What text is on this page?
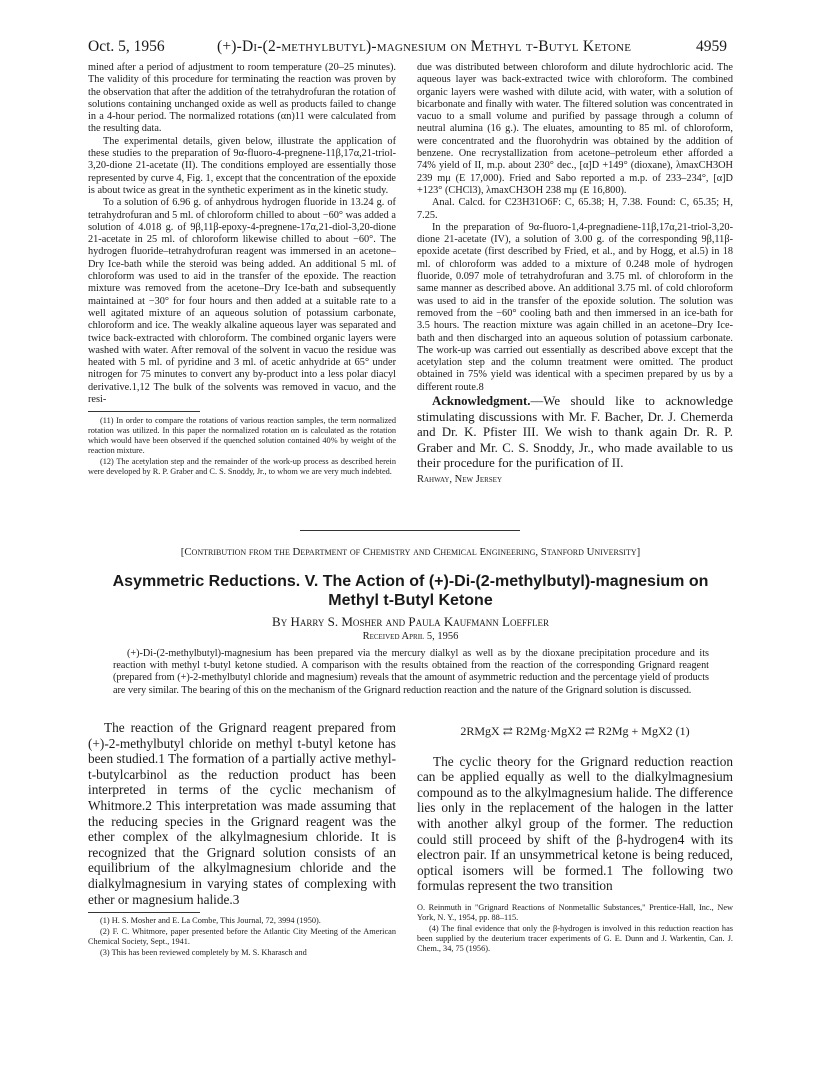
Oct. 5, 1956	(+)-Di-(2-methylbutyl)-magnesium on Methyl t-Butyl Ketone	4959

mined after a period of adjustment to room temperature (20–25 minutes). The validity of this procedure for terminating the reaction was proven by the observation that after the addition of the tetrahydrofuran the rotation of solutions containing unchanged oxide as well as products failed to change in a 4-hour period. The normalized rotations (αn)11 were calculated from the resulting data.

The experimental details, given below, illustrate the application of these studies to the preparation of 9α-fluoro-4-pregnene-11β,17α,21-triol-3,20-dione 21-acetate (II). The conditions employed are essentially those represented by curve 4, Fig. 1, except that the concentration of the epoxide is about twice as great in the synthetic experiment as in the kinetic study.

To a solution of 6.96 g. of anhydrous hydrogen fluoride in 13.24 g. of tetrahydrofuran and 5 ml. of chloroform chilled to about −60° was added a solution of 4.018 g. of 9β,11β-epoxy-4-pregnene-17α,21-diol-3,20-dione 21-acetate in 25 ml. of chloroform likewise chilled to about −60°. The hydrogen fluoride–tetrahydrofuran reagent was immersed in an acetone–Dry Ice-bath while the steroid was being added. An additional 5 ml. of chloroform was used to aid in the transfer of the epoxide. The reaction mixture was removed from the acetone–Dry Ice-bath and subsequently maintained at −30° for four hours and then added at a suitable rate to a well agitated mixture of an aqueous solution of potassium carbonate, chloroform and ice. The weakly alkaline aqueous layer was separated and twice back-extracted with chloroform. The combined organic layers were washed with water. After removal of the solvent in vacuo the residue was heated with 5 ml. of pyridine and 3 ml. of acetic anhydride at 65° under nitrogen for 75 minutes to convert any by-product into a less polar diacyl derivative.1,12 The bulk of the solvents was removed in vacuo, and the resi-

(11) In order to compare the rotations of various reaction samples, the term normalized rotation was utilized. In this paper the normalized rotation αn is calculated as the rotation which would have been observed if the quenched solution contained 40% by weight of the reaction mixture.

(12) The acetylation step and the remainder of the work-up process as described herein were developed by R. P. Graber and C. S. Snoddy, Jr., to whom we are very much indebted.

due was distributed between chloroform and dilute hydrochloric acid. The aqueous layer was back-extracted twice with chloroform. The combined organic layers were washed with dilute acid, with water, with a solution of bicarbonate and finally with water. The filtered solution was concentrated in vacuo to a small volume and purified by passage through a column of neutral alumina (16 g.). The eluates, amounting to 85 ml. of chloroform, were concentrated and the fluorohydrin was obtained by the addition of benzene. One recrystallization from acetone–petroleum ether afforded a 74% yield of II, m.p. about 230° dec., [α]D +149° (dioxane), λmaxCH3OH 239 mμ (E 17,000). Fried and Sabo reported a m.p. of 233–234°, [α]D +123° (CHCl3), λmaxCH3OH 238 mμ (E 16,800).

Anal. Calcd. for C23H31O6F: C, 65.38; H, 7.38. Found: C, 65.35; H, 7.25.

In the preparation of 9α-fluoro-1,4-pregnadiene-11β,17α,21-triol-3,20-dione 21-acetate (IV), a solution of 3.00 g. of the corresponding 9β,11β-epoxide acetate (first described by Fried, et al., and by Hogg, et al.5) in 18 ml. of chloroform was added to a mixture of 0.248 mole of hydrogen fluoride, 0.097 mole of tetrahydrofuran and 3.75 ml. of chloroform in the same manner as described above. An additional 3.75 ml. of cold chloroform was used to aid in the transfer of the epoxide solution. The solution was removed from the −60° cooling bath and then immersed in an ice-bath for 3.5 hours. The reaction mixture was again chilled in an acetone–Dry Ice-bath and then discharged into an aqueous solution of potassium carbonate. The work-up was carried out essentially as described above except that the acetylation step and the column treatment were omitted. The product obtained in 75% yield was identical with a specimen prepared by us by a different route.8

Acknowledgment.—We should like to acknowledge stimulating discussions with Mr. F. Bacher, Dr. J. Chemerda and Dr. K. Pfister III. We wish to thank again Dr. R. P. Graber and Mr. C. S. Snoddy, Jr., who made available to us their procedure for the purification of II.

Rahway, New Jersey
[Contribution from the Department of Chemistry and Chemical Engineering, Stanford University]
Asymmetric Reductions. V. The Action of (+)-Di-(2-methylbutyl)-magnesium on Methyl t-Butyl Ketone
By Harry S. Mosher and Paula Kaufmann Loeffler
Received April 5, 1956
(+)-Di-(2-methylbutyl)-magnesium has been prepared via the mercury dialkyl as well as by the dioxane precipitation procedure and its reaction with methyl t-butyl ketone studied. A comparison with the results obtained from the reaction of the corresponding Grignard reagent (prepared from (+)-2-methylbutyl chloride and magnesium) reveals that the amount of asymmetric reduction and the percentage yield of products are very similar. The bearing of this on the mechanism of the Grignard reduction reaction and the nature of the Grignard solution is discussed.

The reaction of the Grignard reagent prepared from (+)-2-methylbutyl chloride on methyl t-butyl ketone has been studied.1 The formation of a partially active methyl-t-butylcarbinol as the reduction product has been interpreted in terms of the cyclic mechanism of Whitmore.2 This interpretation was made assuming that the reducing species in the Grignard reagent was the ether complex of the alkylmagnesium chloride. It is recognized that the Grignard solution consists of an equilibrium of the alkylmagnesium chloride and the dialkylmagnesium in varying states of complexing with ether or magnesium halide.3

(1) H. S. Mosher and E. La Combe, This Journal, 72, 3994 (1950).

(2) F. C. Whitmore, paper presented before the Atlantic City Meeting of the American Chemical Society, Sept., 1941.

(3) This has been reviewed completely by M. S. Kharasch and

2RMgX ⇄ R2Mg·MgX2 ⇄ R2Mg + MgX2 (1)

The cyclic theory for the Grignard reduction reaction can be applied equally as well to the dialkylmagnesium compound as to the alkylmagnesium halide. The difference lies only in the replacement of the halogen in the latter with another alkyl group of the former. The reduction could still proceed by shift of the β-hydrogen4 with its electron pair. If an unsymmetrical ketone is being reduced, optical isomers will be formed.1 The following two formulas represent the two transition

O. Reinmuth in "Grignard Reactions of Nonmetallic Substances," Prentice-Hall, Inc., New York, N. Y., 1954, pp. 88–115.

(4) The final evidence that only the β-hydrogen is involved in this reduction reaction has been supplied by the deuterium tracer experiments of G. E. Dunn and J. Warkentin, Can. J. Chem., 34, 75 (1956).
